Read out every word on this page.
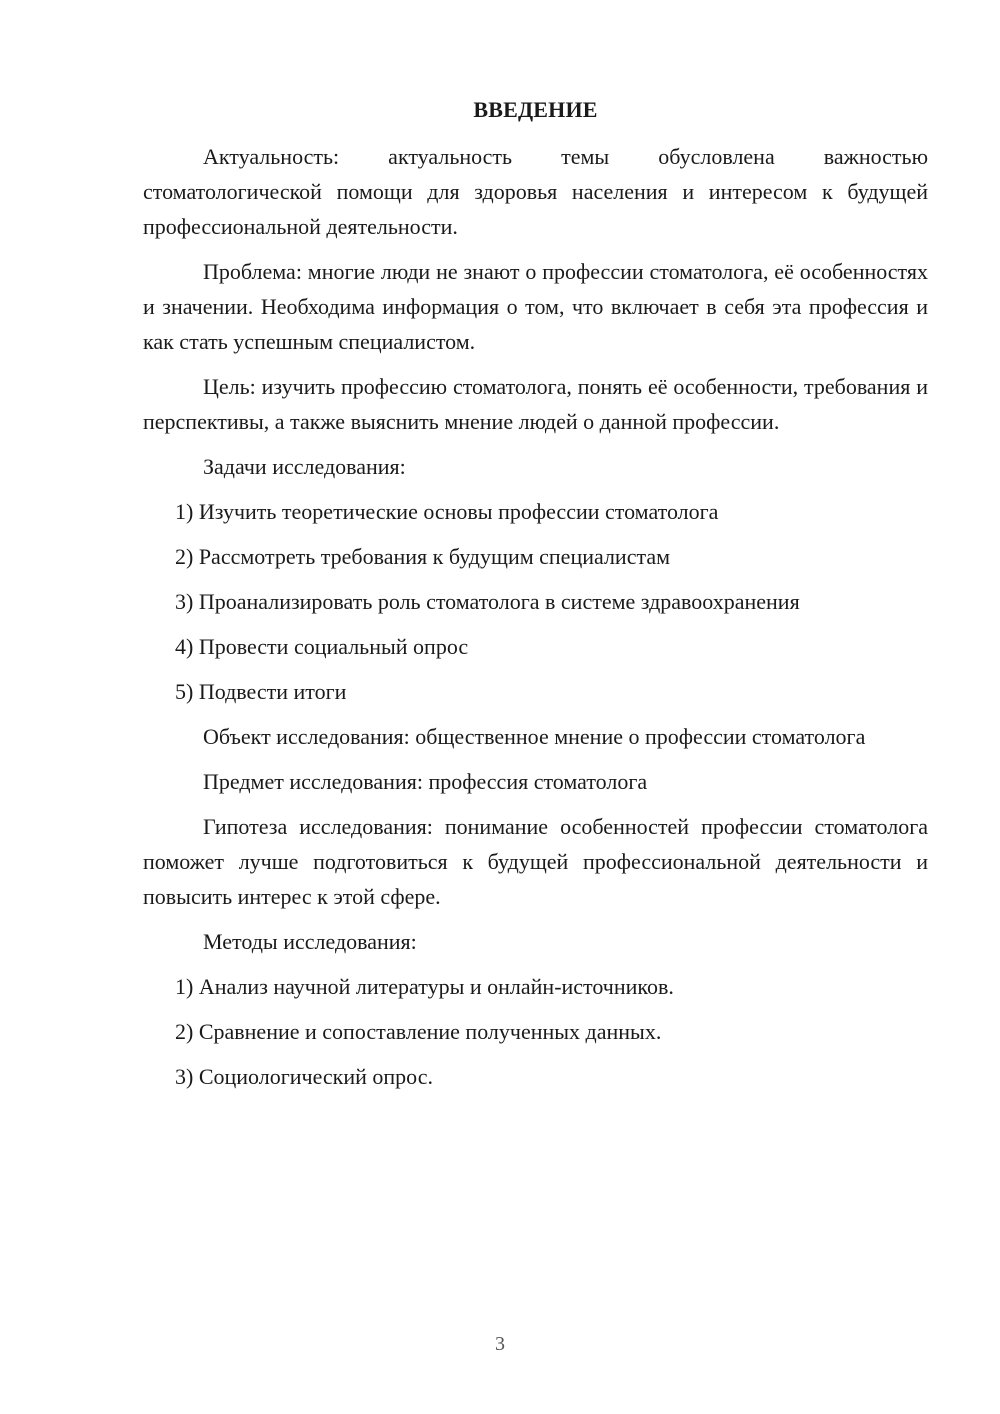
ВВЕДЕНИЕ

Актуальность: актуальность темы обусловлена важностью стоматологической помощи для здоровья населения и интересом к будущей профессиональной деятельности.

Проблема: многие люди не знают о профессии стоматолога, её особенностях и значении. Необходима информация о том, что включает в себя эта профессия и как стать успешным специалистом.

Цель: изучить профессию стоматолога, понять её особенности, требования и перспективы, а также выяснить мнение людей о данной профессии.

Задачи исследования:

1) Изучить теоретические основы профессии стоматолога

2) Рассмотреть требования к будущим специалистам

3) Проанализировать роль стоматолога в системе здравоохранения

4) Провести социальный опрос

5) Подвести итоги

Объект исследования: общественное мнение о профессии стоматолога

Предмет исследования: профессия стоматолога

Гипотеза исследования: понимание особенностей профессии стоматолога поможет лучше подготовиться к будущей профессиональной деятельности и повысить интерес к этой сфере.

Методы исследования:

1) Анализ научной литературы и онлайн-источников.

2) Сравнение и сопоставление полученных данных.

3) Социологический опрос.

3
